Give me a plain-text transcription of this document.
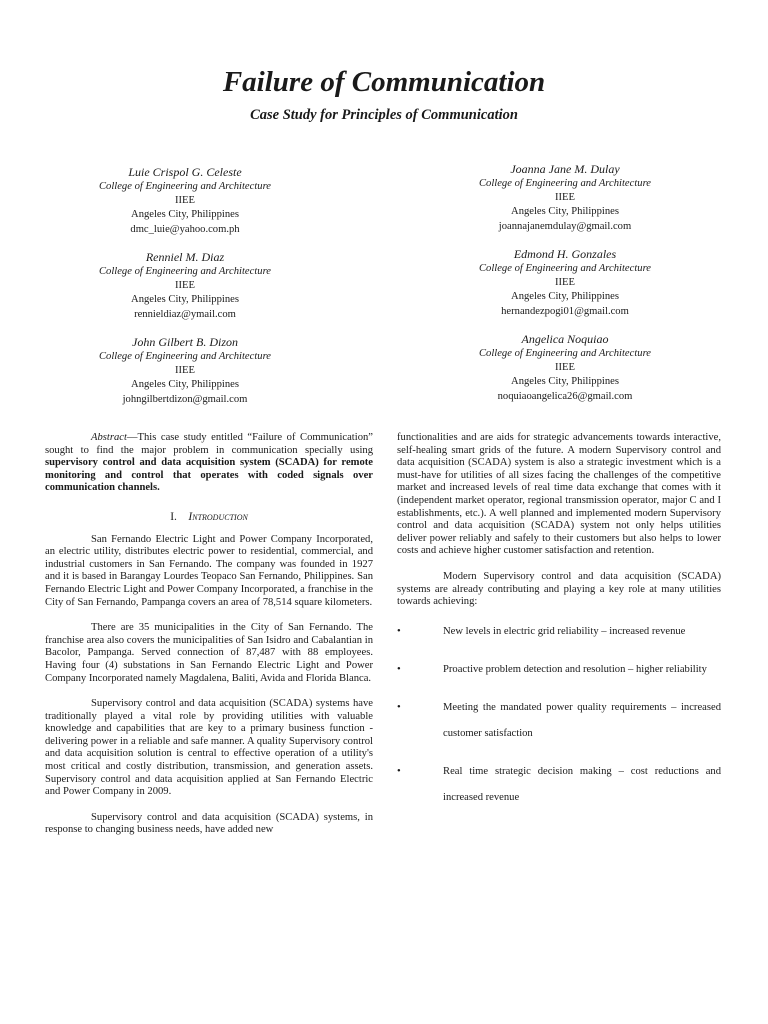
Failure of Communication
Case Study for Principles of Communication
Luie Crispol G. Celeste
College of Engineering and Architecture
IIEE
Angeles City, Philippines
dmc_luie@yahoo.com.ph
Renniel M. Diaz
College of Engineering and Architecture
IIEE
Angeles City, Philippines
rennieldiaz@ymail.com
John Gilbert B. Dizon
College of Engineering and Architecture
IIEE
Angeles City, Philippines
johngilbertdizon@gmail.com
Joanna Jane M. Dulay
College of Engineering and Architecture
IIEE
Angeles City, Philippines
joannajanemdulay@gmail.com
Edmond H. Gonzales
College of Engineering and Architecture
IIEE
Angeles City, Philippines
hernandezpogi01@gmail.com
Angelica Noquiao
College of Engineering and Architecture
IIEE
Angeles City, Philippines
noquiaoangelica26@gmail.com

Abstract—This case study entitled “Failure of Communication” sought to find the major problem in communication specially using supervisory control and data acquisition system (SCADA) for remote monitoring and control that operates with coded signals over communication channels.

I. Introduction

San Fernando Electric Light and Power Company Incorporated, an electric utility, distributes electric power to residential, commercial, and industrial customers in San Fernando. The company was founded in 1927 and it is based in Barangay Lourdes Teopaco San Fernando, Philippines. San Fernando Electric Light and Power Company Incorporated, a franchise in the City of San Fernando, Pampanga covers an area of 78,514 square kilometers.

There are 35 municipalities in the City of San Fernando. The franchise area also covers the municipalities of San Isidro and Cabalantian in Bacolor, Pampanga. Served connection of 87,487 with 88 employees. Having four (4) substations in San Fernando Electric Light and Power Company Incorporated namely Magdalena, Baliti, Avida and Florida Blanca.

Supervisory control and data acquisition (SCADA) systems have traditionally played a vital role by providing utilities with valuable knowledge and capabilities that are key to a primary business function - delivering power in a reliable and safe manner. A quality Supervisory control and data acquisition solution is central to effective operation of a utility's most critical and costly distribution, transmission, and generation assets. Supervisory control and data acquisition applied at San Fernando Electric and Power Company in 2009.

Supervisory control and data acquisition (SCADA) systems, in response to changing business needs, have added new

functionalities and are aids for strategic advancements towards interactive, self-healing smart grids of the future. A modern Supervisory control and data acquisition (SCADA) system is also a strategic investment which is a must-have for utilities of all sizes facing the challenges of the competitive market and increased levels of real time data exchange that comes with it (independent market operator, regional transmission operator, major C and I establishments, etc.). A well planned and implemented modern Supervisory control and data acquisition (SCADA) system not only helps utilities deliver power reliably and safely to their customers but also helps to lower costs and achieve higher customer satisfaction and retention.

Modern Supervisory control and data acquisition (SCADA) systems are already contributing and playing a key role at many utilities towards achieving:

•	New levels in electric grid reliability – increased revenue
•	Proactive problem detection and resolution – higher reliability
•	Meeting the mandated power quality requirements – increased customer satisfaction
•	Real time strategic decision making – cost reductions and increased revenue
